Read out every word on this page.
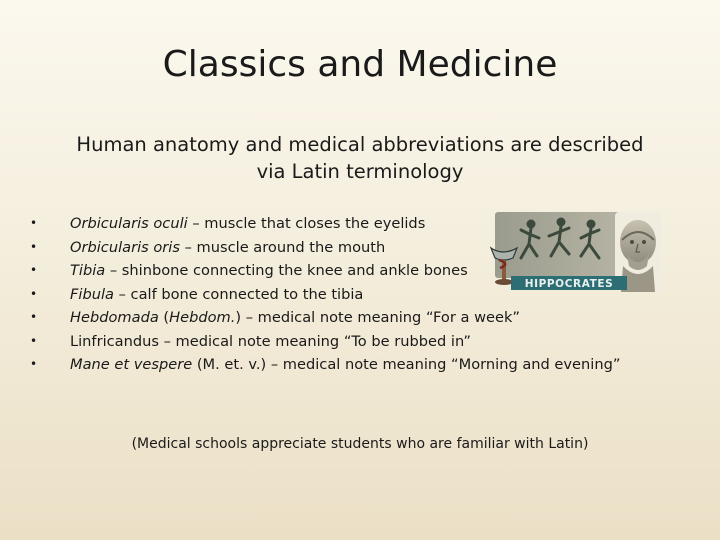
Classics and Medicine
Human anatomy and medical abbreviations are described via Latin terminology
• Orbicularis oculi – muscle that closes the eyelids
• Orbicularis oris – muscle around the mouth
• Tibia – shinbone connecting the knee and ankle bones
• Fibula – calf bone connected to the tibia
• Hebdomada (Hebdom.) – medical note meaning “For a week”
• Linfricandus – medical note meaning “To be rubbed in”
• Mane et vespere (M. et. v.) – medical note meaning “Morning and evening”
HIPPOCRATES
(Medical schools appreciate students who are familiar with Latin)
